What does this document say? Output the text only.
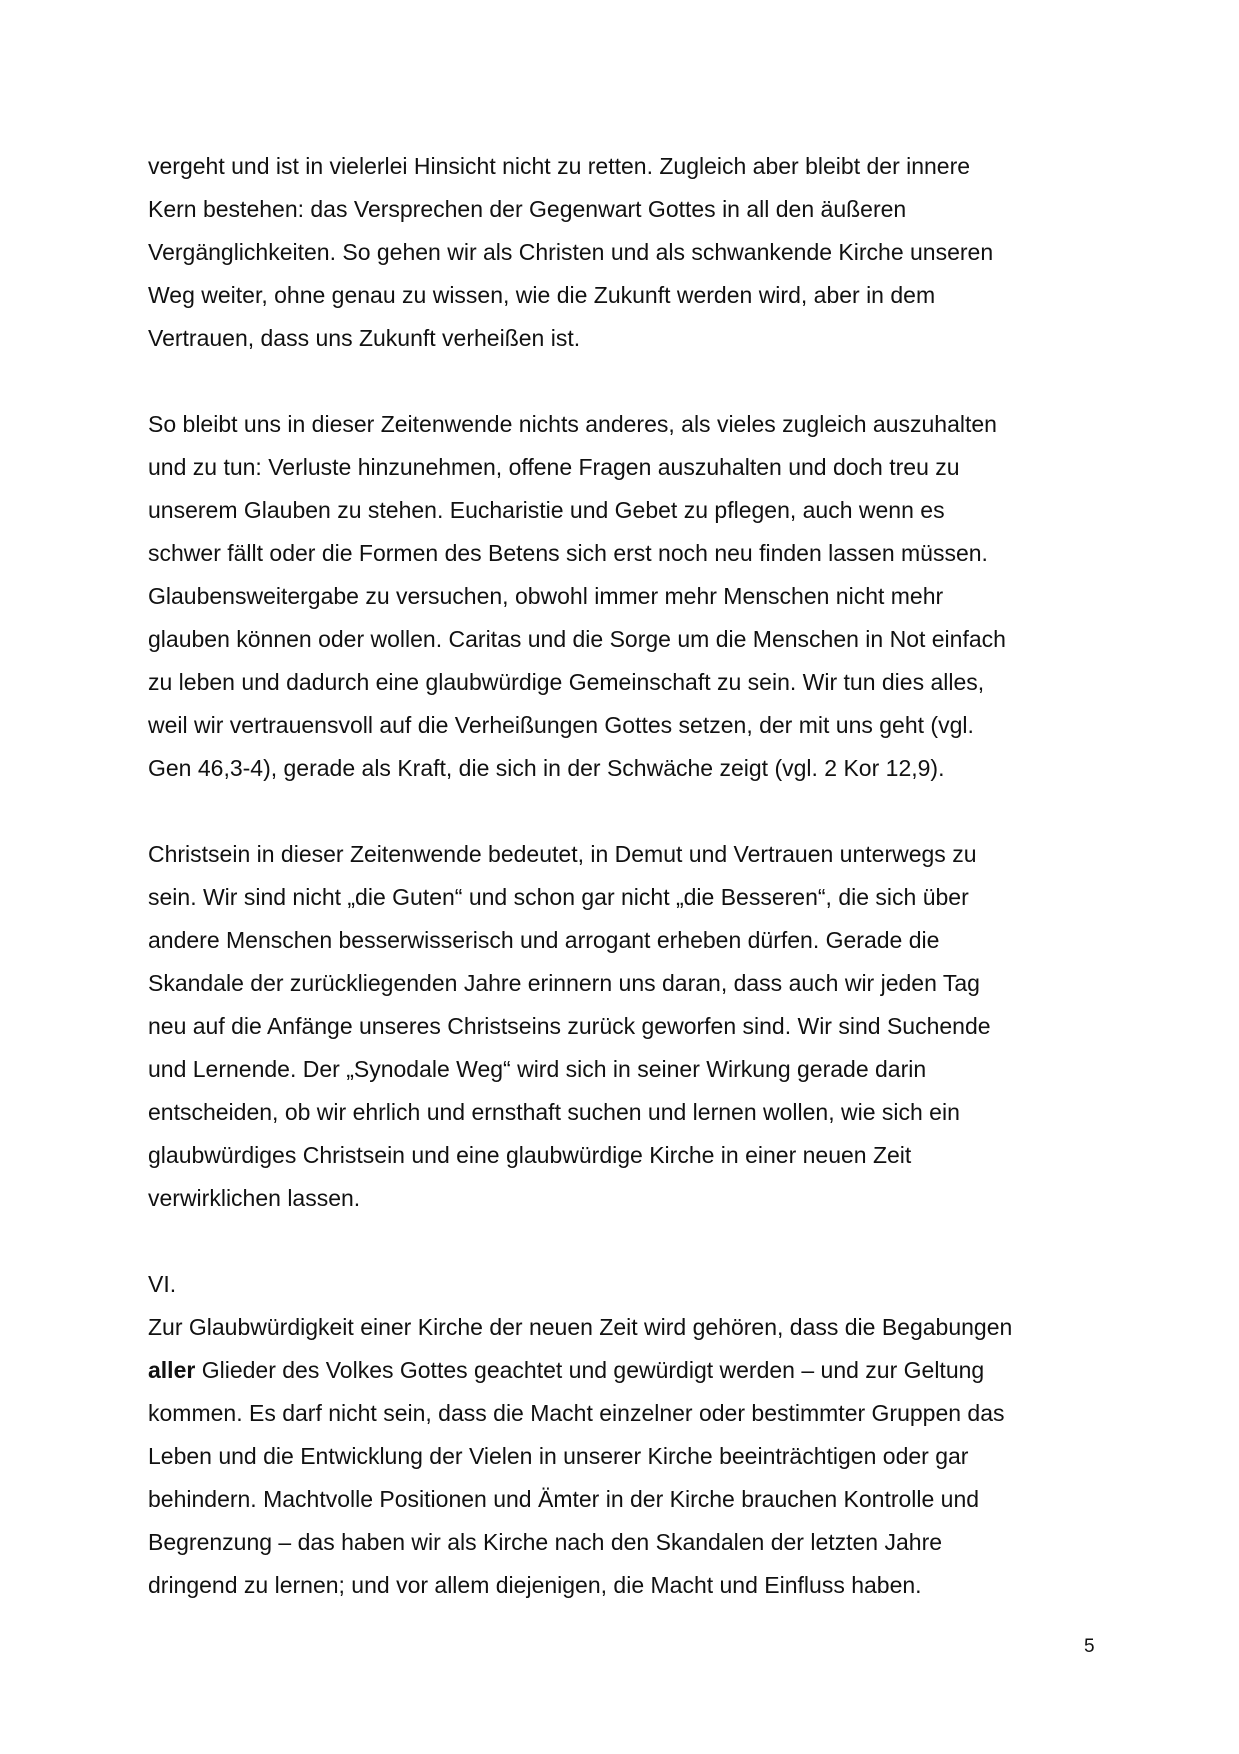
vergeht und ist in vielerlei Hinsicht nicht zu retten. Zugleich aber bleibt der innere
Kern bestehen: das Versprechen der Gegenwart Gottes in all den äußeren
Vergänglichkeiten. So gehen wir als Christen und als schwankende Kirche unseren
Weg weiter, ohne genau zu wissen, wie die Zukunft werden wird, aber in dem
Vertrauen, dass uns Zukunft verheißen ist.

So bleibt uns in dieser Zeitenwende nichts anderes, als vieles zugleich auszuhalten
und zu tun: Verluste hinzunehmen, offene Fragen auszuhalten und doch treu zu
unserem Glauben zu stehen. Eucharistie und Gebet zu pflegen, auch wenn es
schwer fällt oder die Formen des Betens sich erst noch neu finden lassen müssen.
Glaubensweitergabe zu versuchen, obwohl immer mehr Menschen nicht mehr
glauben können oder wollen. Caritas und die Sorge um die Menschen in Not einfach
zu leben und dadurch eine glaubwürdige Gemeinschaft zu sein. Wir tun dies alles,
weil wir vertrauensvoll auf die Verheißungen Gottes setzen, der mit uns geht (vgl.
Gen 46,3-4), gerade als Kraft, die sich in der Schwäche zeigt (vgl. 2 Kor 12,9).

Christsein in dieser Zeitenwende bedeutet, in Demut und Vertrauen unterwegs zu
sein. Wir sind nicht „die Guten“ und schon gar nicht „die Besseren“, die sich über
andere Menschen besserwisserisch und arrogant erheben dürfen. Gerade die
Skandale der zurückliegenden Jahre erinnern uns daran, dass auch wir jeden Tag
neu auf die Anfänge unseres Christseins zurück geworfen sind. Wir sind Suchende
und Lernende. Der „Synodale Weg“ wird sich in seiner Wirkung gerade darin
entscheiden, ob wir ehrlich und ernsthaft suchen und lernen wollen, wie sich ein
glaubwürdiges Christsein und eine glaubwürdige Kirche in einer neuen Zeit
verwirklichen lassen.

VI.
Zur Glaubwürdigkeit einer Kirche der neuen Zeit wird gehören, dass die Begabungen
aller Glieder des Volkes Gottes geachtet und gewürdigt werden – und zur Geltung
kommen. Es darf nicht sein, dass die Macht einzelner oder bestimmter Gruppen das
Leben und die Entwicklung der Vielen in unserer Kirche beeinträchtigen oder gar
behindern. Machtvolle Positionen und Ämter in der Kirche brauchen Kontrolle und
Begrenzung – das haben wir als Kirche nach den Skandalen der letzten Jahre
dringend zu lernen; und vor allem diejenigen, die Macht und Einfluss haben.
5
